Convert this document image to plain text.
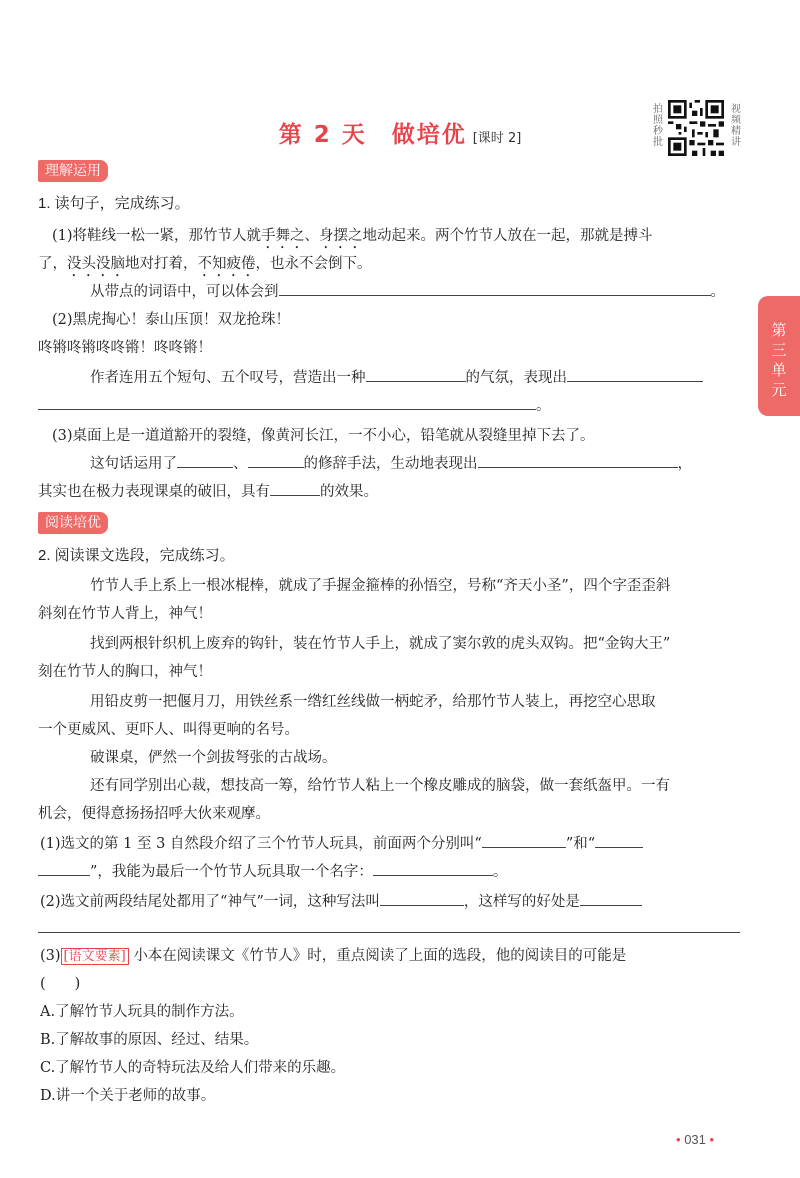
第 2 天　做培优 [课时 2]
拍照秒批
视频精讲
第三单元
理解运用
1. 读句子，完成练习。
(1)将鞋线一松一紧，那竹节人就手舞之、身摆之地动起来。两个竹节人放在一起，那就是搏斗
了，没头没脑地对打着，不知疲倦，也永不会倒下。
从带点的词语中，可以体会到	。
(2)黑虎掏心！泰山压顶！双龙抢珠！
咚锵咚锵咚咚锵！咚咚锵！
作者连用五个短句、五个叹号，营造出一种	的气氛，表现出
。
(3)桌面上是一道道豁开的裂缝，像黄河长江，一不小心，铅笔就从裂缝里掉下去了。
这句话运用了	、	的修辞手法，生动地表现出	，
其实也在极力表现课桌的破旧，具有	的效果。
阅读培优
2. 阅读课文选段，完成练习。
竹节人手上系上一根冰棍棒，就成了手握金箍棒的孙悟空，号称“齐天小圣”，四个字歪歪斜
斜刻在竹节人背上，神气！
找到两根针织机上废弃的钩针，装在竹节人手上，就成了窦尔敦的虎头双钩。把“金钩大王”
刻在竹节人的胸口，神气！
用铅皮剪一把偃月刀，用铁丝系一绺红丝线做一柄蛇矛，给那竹节人装上，再挖空心思取
一个更威风、更吓人、叫得更响的名号。
破课桌，俨然一个剑拔弩张的古战场。
还有同学别出心裁，想技高一筹，给竹节人粘上一个橡皮雕成的脑袋，做一套纸盔甲。一有
机会，便得意扬扬招呼大伙来观摩。
(1)选文的第 1 至 3 自然段介绍了三个竹节人玩具，前面两个分别叫“	”和“
”，我能为最后一个竹节人玩具取一个名字：	。
(2)选文前两段结尾处都用了“神气”一词，这种写法叫	，这样写的好处是
(3) [语文要素] 小本在阅读课文《竹节人》时，重点阅读了上面的选段，他的阅读目的可能是
(　　)
A.了解竹节人玩具的制作方法。
B.了解故事的原因、经过、结果。
C.了解竹节人的奇特玩法及给人们带来的乐趣。
D.讲一个关于老师的故事。
• 031 •
